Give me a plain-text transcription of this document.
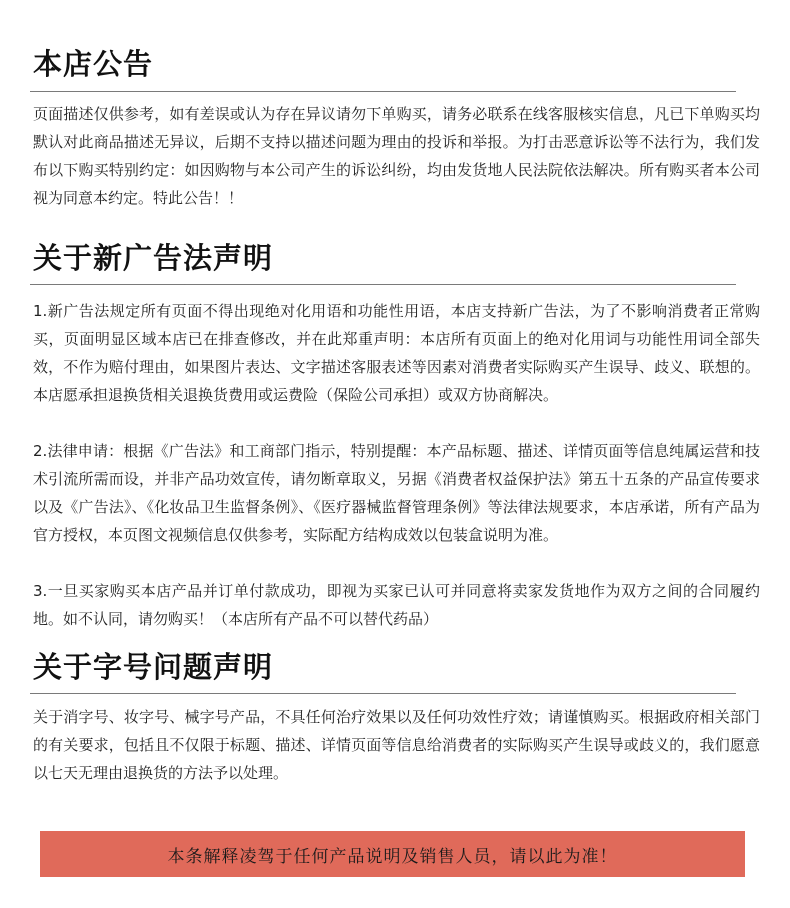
本店公告

页面描述仅供参考，如有差误或认为存在异议请勿下单购买，请务必联系在线客服核实信息，凡已下单购买均默认对此商品描述无异议，后期不支持以描述问题为理由的投诉和举报。为打击恶意诉讼等不法行为，我们发布以下购买特别约定：如因购物与本公司产生的诉讼纠纷，均由发货地人民法院依法解决。所有购买者本公司视为同意本约定。特此公告！！

关于新广告法声明

1.新广告法规定所有页面不得出现绝对化用语和功能性用语，本店支持新广告法，为了不影响消费者正常购买，页面明显区域本店已在排查修改，并在此郑重声明：本店所有页面上的绝对化用词与功能性用词全部失效，不作为赔付理由，如果图片表达、文字描述客服表述等因素对消费者实际购买产生误导、歧义、联想的。本店愿承担退换货相关退换货费用或运费险（保险公司承担）或双方协商解决。

2.法律申请：根据《广告法》和工商部门指示，特别提醒：本产品标题、描述、详情页面等信息纯属运营和技术引流所需而设，并非产品功效宣传，请勿断章取义，另据《消费者权益保护法》第五十五条的产品宣传要求以及《广告法》、《化妆品卫生监督条例》、《医疗器械监督管理条例》等法律法规要求，本店承诺，所有产品为官方授权，本页图文视频信息仅供参考，实际配方结构成效以包装盒说明为准。

3.一旦买家购买本店产品并订单付款成功，即视为买家已认可并同意将卖家发货地作为双方之间的合同履约地。如不认同，请勿购买！（本店所有产品不可以替代药品）

关于字号问题声明

关于消字号、妆字号、械字号产品，不具任何治疗效果以及任何功效性疗效；请谨慎购买。根据政府相关部门的有关要求，包括且不仅限于标题、描述、详情页面等信息给消费者的实际购买产生误导或歧义的，我们愿意以七天无理由退换货的方法予以处理。

本条解释凌驾于任何产品说明及销售人员，请以此为准！
